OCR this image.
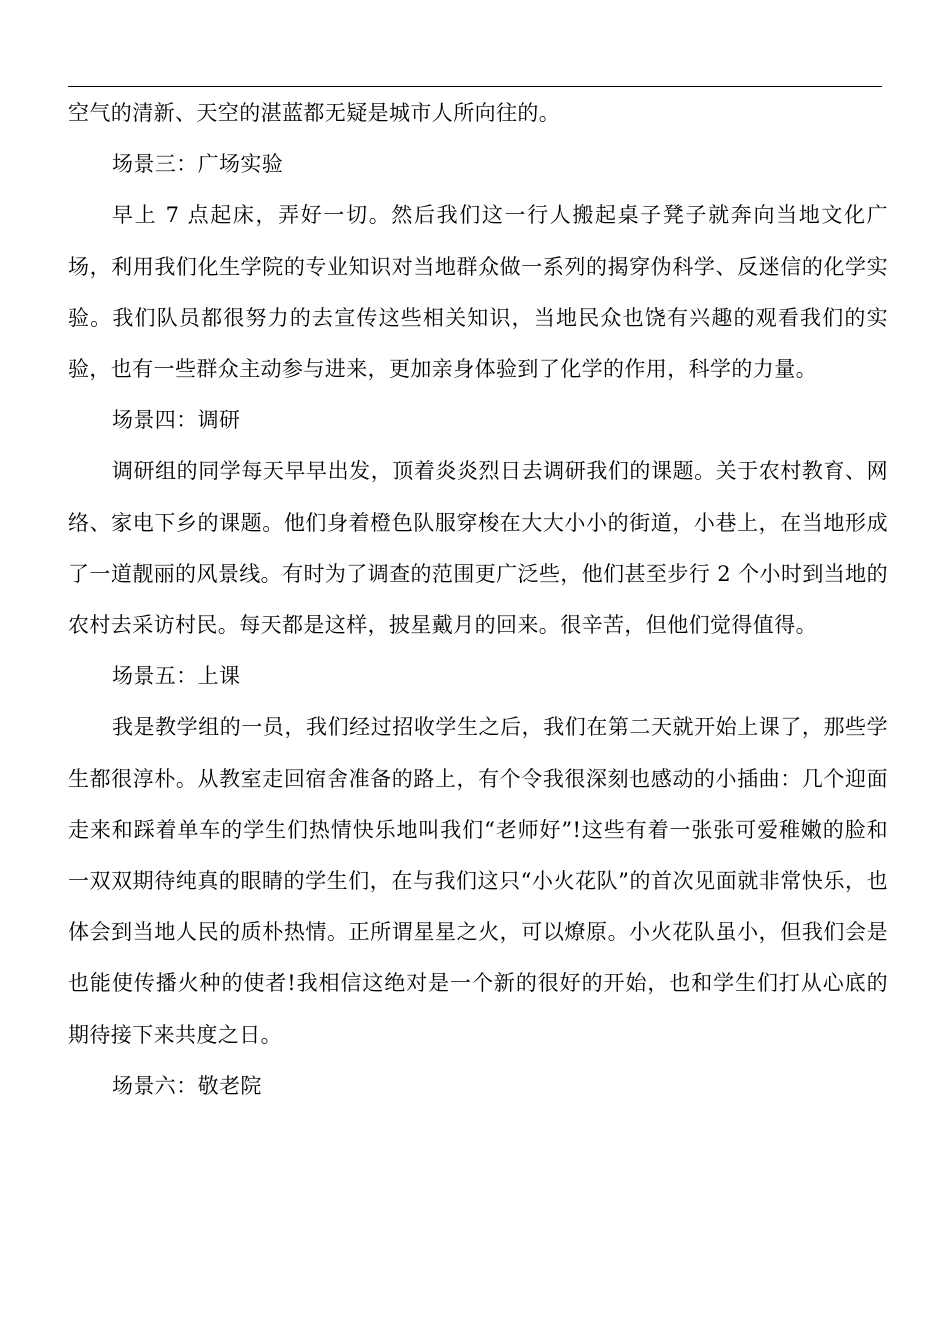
空气的清新、天空的湛蓝都无疑是城市人所向往的。

场景三：广场实验

早上 7 点起床，弄好一切。然后我们这一行人搬起桌子凳子就奔向当地文化广场，利用我们化生学院的专业知识对当地群众做一系列的揭穿伪科学、反迷信的化学实验。我们队员都很努力的去宣传这些相关知识，当地民众也饶有兴趣的观看我们的实验，也有一些群众主动参与进来，更加亲身体验到了化学的作用，科学的力量。

场景四：调研

调研组的同学每天早早出发，顶着炎炎烈日去调研我们的课题。关于农村教育、网络、家电下乡的课题。他们身着橙色队服穿梭在大大小小的街道，小巷上，在当地形成了一道靓丽的风景线。有时为了调查的范围更广泛些，他们甚至步行 2 个小时到当地的农村去采访村民。每天都是这样，披星戴月的回来。很辛苦，但他们觉得值得。

场景五：上课

我是教学组的一员，我们经过招收学生之后，我们在第二天就开始上课了，那些学生都很淳朴。从教室走回宿舍准备的路上，有个令我很深刻也感动的小插曲：几个迎面走来和踩着单车的学生们热情快乐地叫我们“老师好”!这些有着一张张可爱稚嫩的脸和一双双期待纯真的眼睛的学生们，在与我们这只“小火花队”的首次见面就非常快乐，也体会到当地人民的质朴热情。正所谓星星之火，可以燎原。小火花队虽小，但我们会是也能使传播火种的使者!我相信这绝对是一个新的很好的开始，也和学生们打从心底的期待接下来共度之日。

场景六：敬老院
